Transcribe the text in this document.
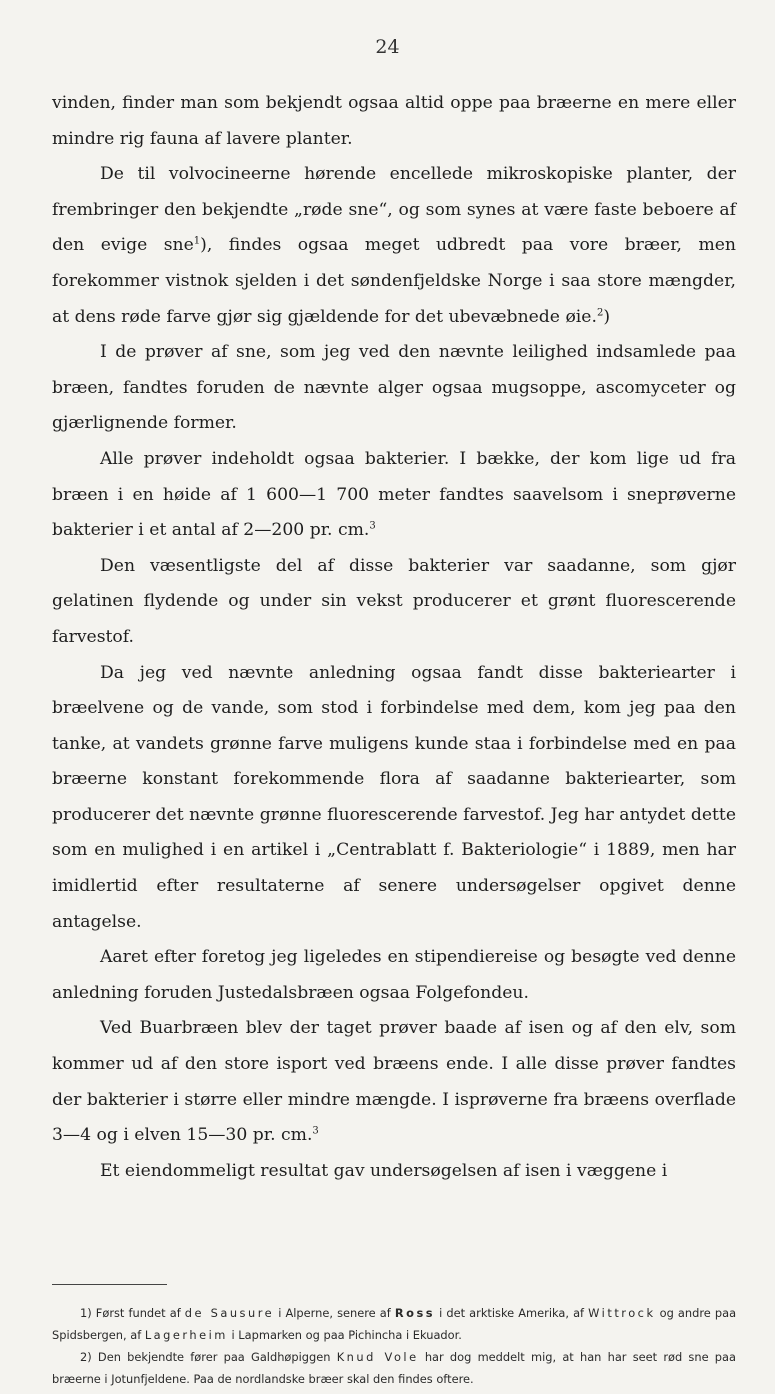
24

vinden, finder man som bekjendt ogsaa altid oppe paa bræerne en mere eller mindre rig fauna af lavere planter.

De til volvocineerne hørende encellede mikroskopiske planter, der frembringer den bekjendte „røde sne“, og som synes at være faste beboere af den evige sne$^1$), findes ogsaa meget udbredt paa vore bræer, men forekommer vistnok sjelden i det søndenfjeldske Norge i saa store mængder, at dens røde farve gjør sig gjældende for det ubevæbnede øie.$^2$)

I de prøver af sne, som jeg ved den nævnte leilighed indsamlede paa bræen, fandtes foruden de nævnte alger ogsaa mugsoppe, ascomyceter og gjærlignende former.

Alle prøver indeholdt ogsaa bakterier. I bække, der kom lige ud fra bræen i en høide af 1 600—1 700 meter fandtes saavelsom i sneprøverne bakterier i et antal af 2—200 pr. cm.$^3$

Den væsentligste del af disse bakterier var saadanne, som gjør gelatinen flydende og under sin vekst producerer et grønt fluorescerende farvestof.

Da jeg ved nævnte anledning ogsaa fandt disse bakteriearter i bræelvene og de vande, som stod i forbindelse med dem, kom jeg paa den tanke, at vandets grønne farve muligens kunde staa i forbindelse med en paa bræerne konstant forekommende flora af saadanne bakteriearter, som producerer det nævnte grønne fluorescerende farvestof. Jeg har antydet dette som en mulighed i en artikel i „Centrablatt f. Bakteriologie“ i 1889, men har imidlertid efter resultaterne af senere undersøgelser opgivet denne antagelse.

Aaret efter foretog jeg ligeledes en stipendiereise og besøgte ved denne anledning foruden Justedalsbræen ogsaa Folgefondeu.

Ved Buarbræen blev der taget prøver baade af isen og af den elv, som kommer ud af den store isport ved bræens ende. I alle disse prøver fandtes der bakterier i større eller mindre mængde. I isprøverne fra bræens overflade 3—4 og i elven 15—30 pr. cm.$^3$

Et eiendommeligt resultat gav undersøgelsen af isen i væggene i

1) Først fundet af de Sausure i Alperne, senere af Ross i det arktiske Amerika, af Wittrock og andre paa Spidsbergen, af Lagerheim i Lapmarken og paa Pichincha i Ekuador.

2) Den bekjendte fører paa Galdhøpiggen Knud Vole har dog meddelt mig, at han har seet rød sne paa bræerne i Jotunfjeldene. Paa de nordlandske bræer skal den findes oftere.
